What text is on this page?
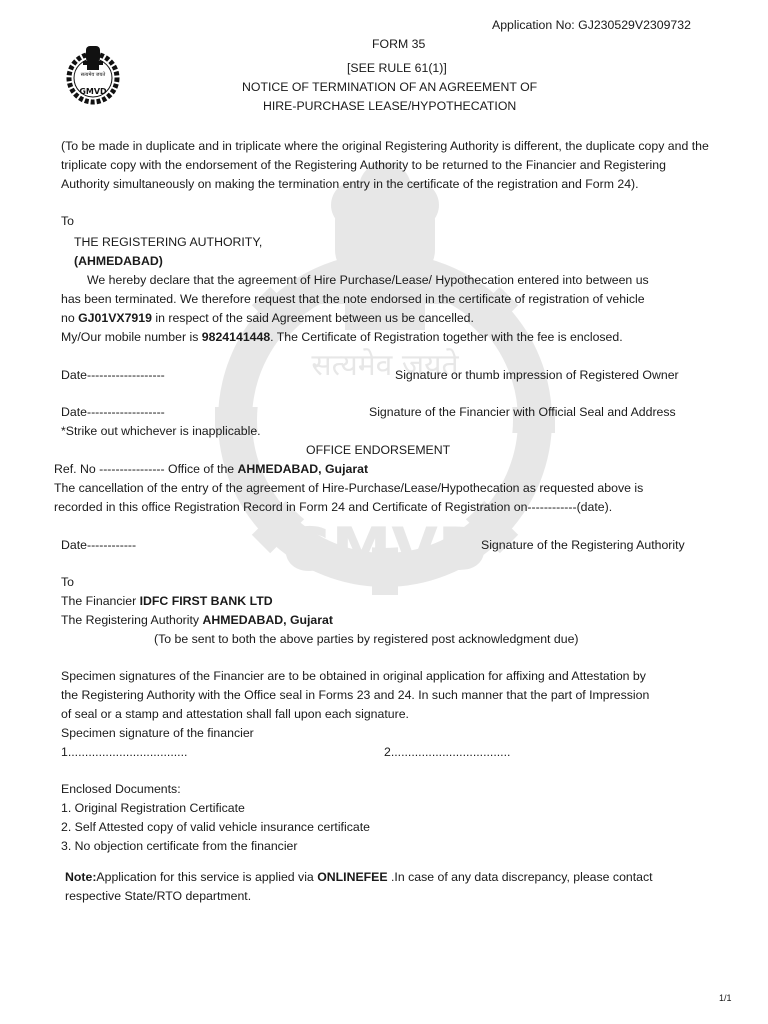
सत्यमेव जयते
GMVD
सत्यमेव जयते
GMVD
Application No: GJ230529V2309732
FORM 35
[SEE RULE 61(1)]
NOTICE OF TERMINATION OF AN AGREEMENT OF
HIRE-PURCHASE LEASE/HYPOTHECATION
(To be made in duplicate and in triplicate where the original Registering Authority is different, the duplicate copy and the triplicate copy with the endorsement of the Registering Authority to be returned to the Financier and Registering Authority simultaneously on making the termination entry in the certificate of the registration and Form 24).
To
THE REGISTERING AUTHORITY,
(AHMEDABAD)
We hereby declare that the agreement of Hire Purchase/Lease/ Hypothecation entered into between us
has been terminated. We therefore request that the note endorsed in the certificate of registration of vehicle
no GJ01VX7919 in respect of the said Agreement between us be cancelled.
My/Our mobile number is 9824141448. The Certificate of Registration together with the fee is enclosed.
Date-------------------	Signature or thumb impression of Registered Owner
Date-------------------	Signature of the Financier with Official Seal and Address
*Strike out whichever is inapplicable.
OFFICE ENDORSEMENT
Ref. No ---------------- Office of the AHMEDABAD, Gujarat
The cancellation of the entry of the agreement of Hire-Purchase/Lease/Hypothecation as requested above is
recorded in this office Registration Record in Form 24 and Certificate of Registration on------------(date).
Date------------	Signature of the Registering Authority
To
The Financier IDFC FIRST BANK LTD
The Registering Authority AHMEDABAD, Gujarat
(To be sent to both the above parties by registered post acknowledgment due)
Specimen signatures of the Financier are to be obtained in original application for affixing and Attestation by
the Registering Authority with the Office seal in Forms 23 and 24. In such manner that the part of Impression
of seal or a stamp and attestation shall fall upon each signature.
Specimen signature of the financier
1...................................	2...................................
Enclosed Documents:
1. Original Registration Certificate
2. Self Attested copy of valid vehicle insurance certificate
3. No objection certificate from the financier
Note:Application for this service is applied via ONLINEFEE .In case of any data discrepancy, please contact
respective State/RTO department.
1/1
